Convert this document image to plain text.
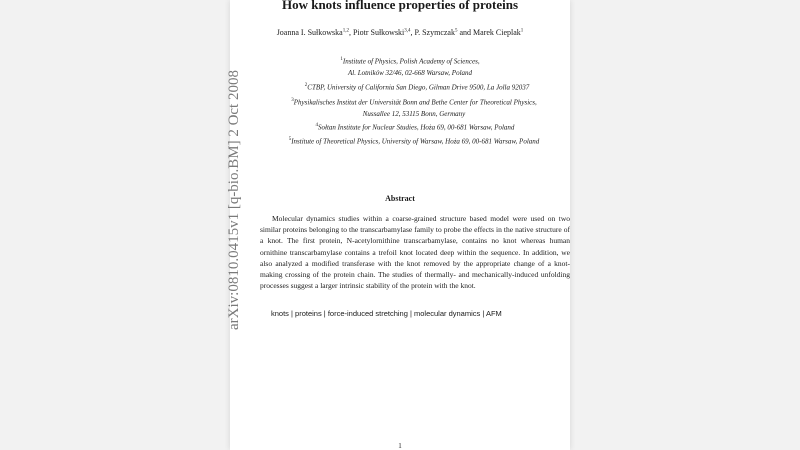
arXiv:0810.0415v1 [q-bio.BM] 2 Oct 2008
How knots influence properties of proteins
Joanna I. Sułkowska$^{1,2}$, Piotr Sułkowski$^{3,4}$, P. Szymczak$^5$ and Marek Cieplak$^1$
$^1$Institute of Physics, Polish Academy of Sciences,
Al. Lotników 32/46, 02-668 Warsaw, Poland
$^2$CTBP, University of California San Diego, Gilman Drive 9500, La Jolla 92037
$^3$Physikalisches Institut der Universität Bonn and Bethe Center for Theoretical Physics,
Nussallee 12, 53115 Bonn, Germany
$^4$Sołtan Institute for Nuclear Studies, Hoża 69, 00-681 Warsaw, Poland
$^5$Institute of Theoretical Physics, University of Warsaw, Hoża 69, 00-681 Warsaw, Poland
Abstract
Molecular dynamics studies within a coarse-grained structure based model were used on two similar proteins belonging to the transcarbamylase family to probe the effects in the native structure of a knot. The first protein, N-acetylornithine transcarbamylase, contains no knot whereas human ornithine transcarbamylase contains a trefoil knot located deep within the sequence. In addition, we also analyzed a modified transferase with the knot removed by the appropriate change of a knot-making crossing of the protein chain. The studies of thermally- and mechanically-induced unfolding processes suggest a larger intrinsic stability of the protein with the knot.
knots | proteins | force-induced stretching | molecular dynamics | AFM
1
